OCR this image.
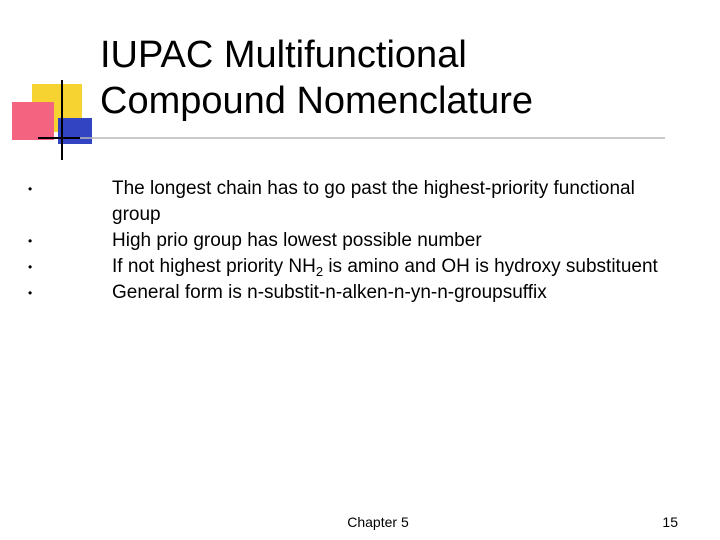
IUPAC Multifunctional
Compound Nomenclature
•	The longest chain has to go past the highest-priority functional group
•	High prio group has lowest possible number
•	If not highest priority $NH_2$ is amino and OH is hydroxy substituent
•	General form is n-substit-n-alken-n-yn-n-groupsuffix
Chapter 5	15
